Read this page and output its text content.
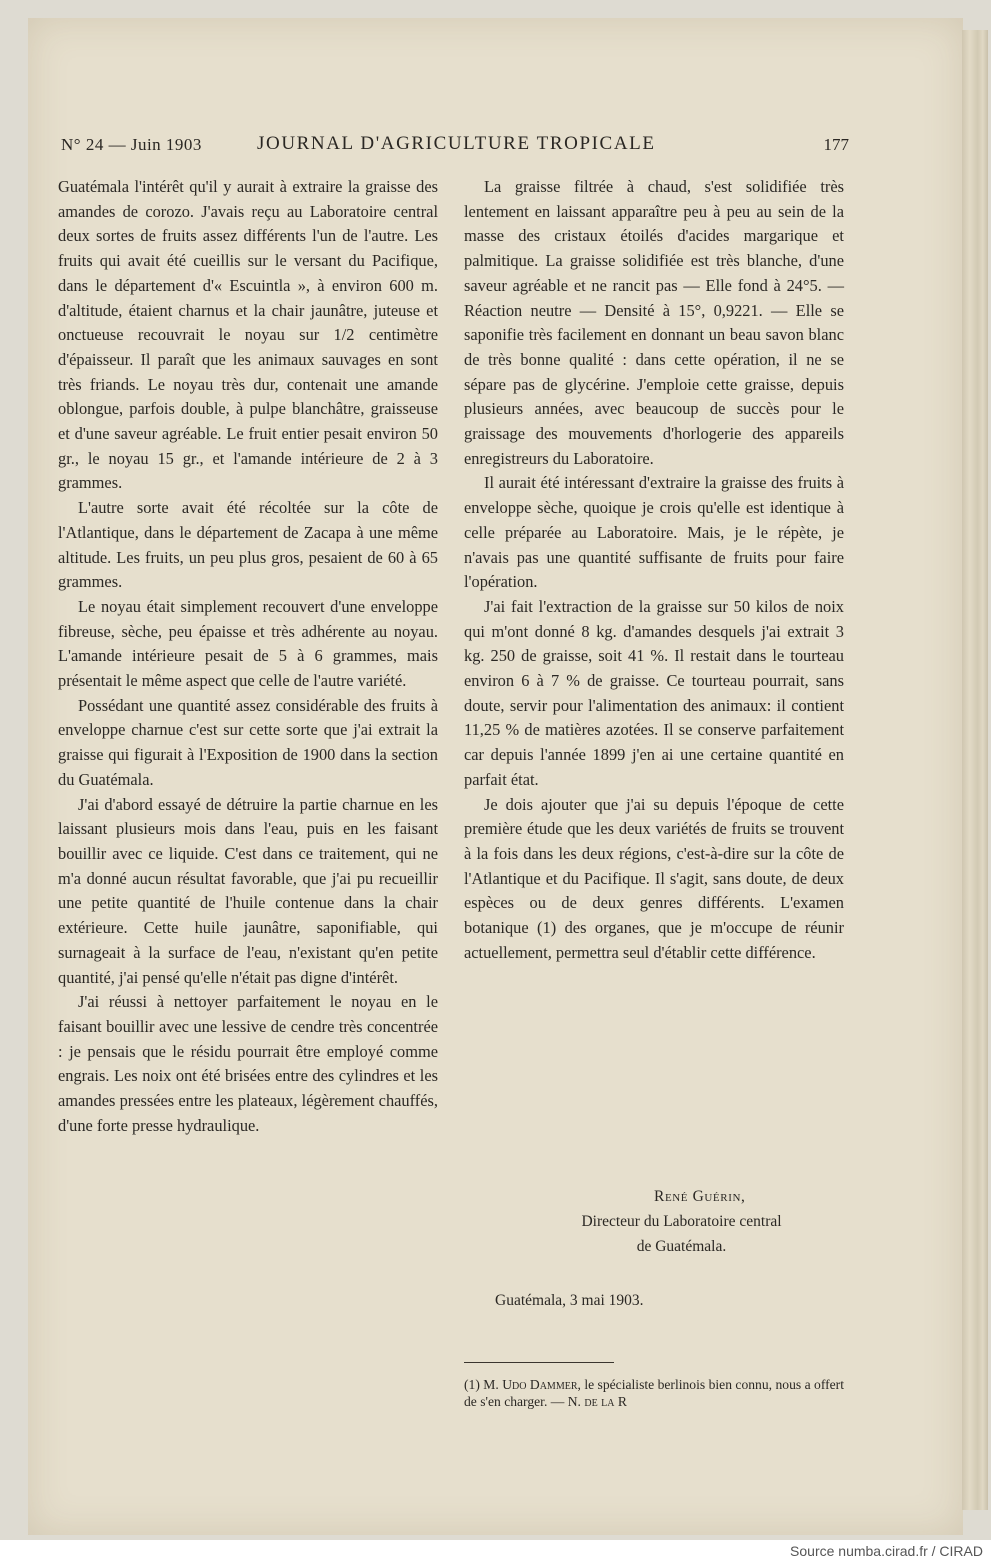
N° 24 — Juin 1903	JOURNAL D'AGRICULTURE TROPICALE	177

Guatémala l'intérêt qu'il y aurait à extraire la graisse des amandes de corozo. J'avais reçu au Laboratoire central deux sortes de fruits assez différents l'un de l'autre. Les fruits qui avait été cueillis sur le versant du Pacifique, dans le département d'« Escuintla », à environ 600 m. d'altitude, étaient charnus et la chair jaunâtre, juteuse et onctueuse recouvrait le noyau sur 1/2 centimètre d'épaisseur. Il paraît que les animaux sauvages en sont très friands. Le noyau très dur, contenait une amande oblongue, parfois double, à pulpe blanchâtre, graisseuse et d'une saveur agréable. Le fruit entier pesait environ 50 gr., le noyau 15 gr., et l'amande intérieure de 2 à 3 grammes.

L'autre sorte avait été récoltée sur la côte de l'Atlantique, dans le département de Zacapa à une même altitude. Les fruits, un peu plus gros, pesaient de 60 à 65 grammes.

Le noyau était simplement recouvert d'une enveloppe fibreuse, sèche, peu épaisse et très adhérente au noyau. L'amande intérieure pesait de 5 à 6 grammes, mais présentait le même aspect que celle de l'autre variété.

Possédant une quantité assez considérable des fruits à enveloppe charnue c'est sur cette sorte que j'ai extrait la graisse qui figurait à l'Exposition de 1900 dans la section du Guatémala.

J'ai d'abord essayé de détruire la partie charnue en les laissant plusieurs mois dans l'eau, puis en les faisant bouillir avec ce liquide. C'est dans ce traitement, qui ne m'a donné aucun résultat favorable, que j'ai pu recueillir une petite quantité de l'huile contenue dans la chair extérieure. Cette huile jaunâtre, saponifiable, qui surnageait à la surface de l'eau, n'existant qu'en petite quantité, j'ai pensé qu'elle n'était pas digne d'intérêt.

J'ai réussi à nettoyer parfaitement le noyau en le faisant bouillir avec une lessive de cendre très concentrée : je pensais que le résidu pourrait être employé comme engrais. Les noix ont été brisées entre des cylindres et les amandes pressées entre les plateaux, légèrement chauffés, d'une forte presse hydraulique.

La graisse filtrée à chaud, s'est solidifiée très lentement en laissant apparaître peu à peu au sein de la masse des cristaux étoilés d'acides margarique et palmitique. La graisse solidifiée est très blanche, d'une saveur agréable et ne rancit pas — Elle fond à 24°5. — Réaction neutre — Densité à 15°, 0,9221. — Elle se saponifie très facilement en donnant un beau savon blanc de très bonne qualité : dans cette opération, il ne se sépare pas de glycérine. J'emploie cette graisse, depuis plusieurs années, avec beaucoup de succès pour le graissage des mouvements d'horlogerie des appareils enregistreurs du Laboratoire.

Il aurait été intéressant d'extraire la graisse des fruits à enveloppe sèche, quoique je crois qu'elle est identique à celle préparée au Laboratoire. Mais, je le répète, je n'avais pas une quantité suffisante de fruits pour faire l'opération.

J'ai fait l'extraction de la graisse sur 50 kilos de noix qui m'ont donné 8 kg. d'amandes desquels j'ai extrait 3 kg. 250 de graisse, soit 41 %. Il restait dans le tourteau environ 6 à 7 % de graisse. Ce tourteau pourrait, sans doute, servir pour l'alimentation des animaux: il contient 11,25 % de matières azotées. Il se conserve parfaitement car depuis l'année 1899 j'en ai une certaine quantité en parfait état.

Je dois ajouter que j'ai su depuis l'époque de cette première étude que les deux variétés de fruits se trouvent à la fois dans les deux régions, c'est-à-dire sur la côte de l'Atlantique et du Pacifique. Il s'agit, sans doute, de deux espèces ou de deux genres différents. L'examen botanique (1) des organes, que je m'occupe de réunir actuellement, permettra seul d'établir cette différence.

René Guérin,
Directeur du Laboratoire central
de Guatémala.
Guatémala, 3 mai 1903.
(1) M. Udo Dammer, le spécialiste berlinois bien connu, nous a offert de s'en charger. — N. de la R
Source numba.cirad.fr / CIRAD
